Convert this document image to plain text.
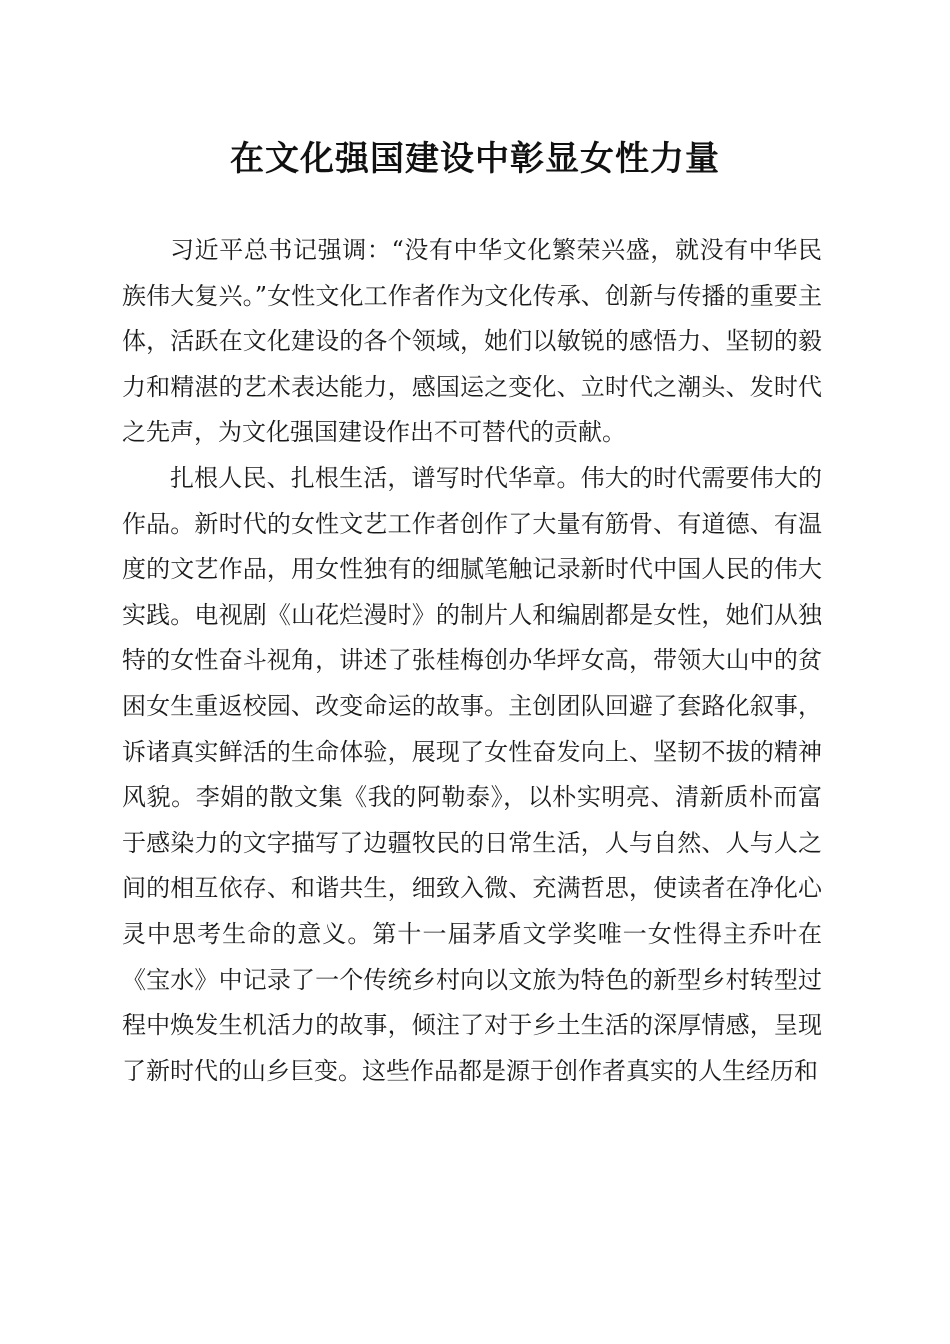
在文化强国建设中彰显女性力量

习近平总书记强调：“没有中华文化繁荣兴盛，就没有中华民族伟大复兴。”女性文化工作者作为文化传承、创新与传播的重要主体，活跃在文化建设的各个领域，她们以敏锐的感悟力、坚韧的毅力和精湛的艺术表达能力，感国运之变化、立时代之潮头、发时代之先声，为文化强国建设作出不可替代的贡献。

扎根人民、扎根生活，谱写时代华章。伟大的时代需要伟大的作品。新时代的女性文艺工作者创作了大量有筋骨、有道德、有温度的文艺作品，用女性独有的细腻笔触记录新时代中国人民的伟大实践。电视剧《山花烂漫时》的制片人和编剧都是女性，她们从独特的女性奋斗视角，讲述了张桂梅创办华坪女高，带领大山中的贫困女生重返校园、改变命运的故事。主创团队回避了套路化叙事，诉诸真实鲜活的生命体验，展现了女性奋发向上、坚韧不拔的精神风貌。李娟的散文集《我的阿勒泰》，以朴实明亮、清新质朴而富于感染力的文字描写了边疆牧民的日常生活，人与自然、人与人之间的相互依存、和谐共生，细致入微、充满哲思，使读者在净化心灵中思考生命的意义。第十一届茅盾文学奖唯一女性得主乔叶在《宝水》中记录了一个传统乡村向以文旅为特色的新型乡村转型过程中焕发生机活力的故事，倾注了对于乡土生活的深厚情感，呈现了新时代的山乡巨变。这些作品都是源于创作者真实的人生经历和
